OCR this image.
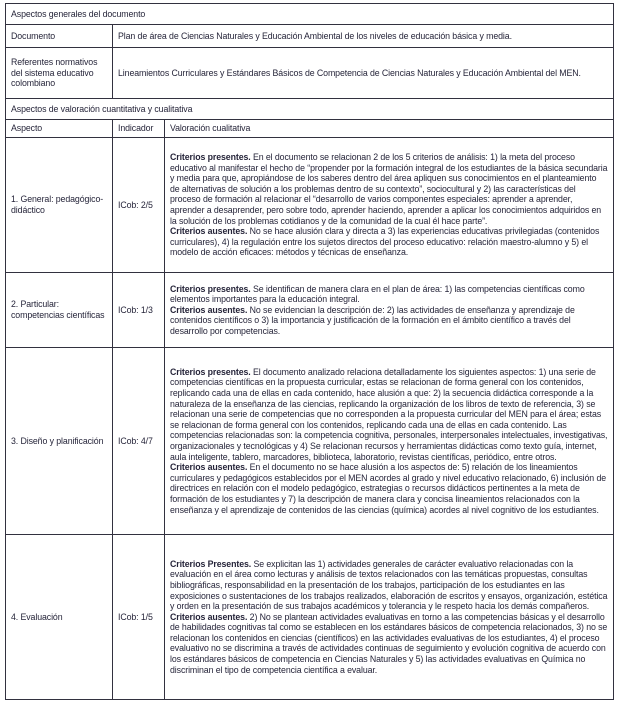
Aspectos generales del documento		
Documento	Plan de área de Ciencias Naturales y Educación Ambiental de los niveles de educación básica y media.	
Referentes normativos del sistema educativo colombiano	Lineamientos Curriculares y Estándares Básicos de Competencia de Ciencias Naturales y Educación Ambiental del MEN.	
Aspectos de valoración cuantitativa y cualitativa		
Aspecto	Indicador	Valoración cualitativa
1. General: pedagógico-didáctico	ICob: 2/5	Criterios presentes. En el documento se relacionan 2 de los 5 criterios de análisis: 1) la meta del proceso educativo al manifestar el hecho de “propender por la formación integral de los estudiantes de la básica secundaria y media para que, apropiándose de los saberes dentro del área apliquen sus conocimientos en el planteamiento de alternativas de solución a los problemas dentro de su contexto”, sociocultural y 2) las características del proceso de formación al relacionar el “desarrollo de varios componentes especiales: aprender a aprender, aprender a desaprender, pero sobre todo, aprender haciendo, aprender a aplicar los conocimientos adquiridos en la solución de los problemas cotidianos y de la comunidad de la cual él hace parte”.
Criterios ausentes. No se hace alusión clara y directa a 3) las experiencias educativas privilegiadas (contenidos curriculares), 4) la regulación entre los sujetos directos del proceso educativo: relación maestro-alumno y 5) el modelo de acción eficaces: métodos y técnicas de enseñanza.

2. Particular: competencias científicas	ICob: 1/3	Criterios presentes. Se identifican de manera clara en el plan de área: 1) las competencias científicas como elementos importantes para la educación integral.
Criterios ausentes. No se evidencian la descripción de: 2) las actividades de enseñanza y aprendizaje de contenidos científicos o 3) la importancia y justificación de la formación en el ámbito científico a través del desarrollo por competencias.

3. Diseño y planificación	ICob: 4/7	Criterios presentes. El documento analizado relaciona detalladamente los siguientes aspectos: 1) una serie de competencias científicas en la propuesta curricular, estas se relacionan de forma general con los contenidos, replicando cada una de ellas en cada contenido, hace alusión a que: 2) la secuencia didáctica corresponde a la naturaleza de la enseñanza de las ciencias, replicando la organización de los libros de texto de referencia, 3) se relacionan una serie de competencias que no corresponden a la propuesta curricular del MEN para el área; estas se relacionan de forma general con los contenidos, replicando cada una de ellas en cada contenido. Las competencias relacionadas son: la competencia cognitiva, personales, interpersonales intelectuales, investigativas, organizacionales y tecnológicas y 4) Se relacionan recursos y herramientas didácticas como texto guía, internet, aula inteligente, tablero, marcadores, biblioteca, laboratorio, revistas científicas, periódico, entre otros.
Criterios ausentes. En el documento no se hace alusión a los aspectos de: 5) relación de los lineamientos curriculares y pedagógicos establecidos por el MEN acordes al grado y nivel educativo relacionado, 6) inclusión de directrices en relación con el modelo pedagógico, estrategias o recursos didácticos pertinentes a la meta de formación de los estudiantes y 7) la descripción de manera clara y concisa lineamientos relacionados con la enseñanza y el aprendizaje de contenidos de las ciencias (química) acordes al nivel cognitivo de los estudiantes.

4. Evaluación	ICob: 1/5	Criterios Presentes. Se explicitan las 1) actividades generales de carácter evaluativo relacionadas con la evaluación en el área como lecturas y análisis de textos relacionados con las temáticas propuestas, consultas bibliográficas, responsabilidad en la presentación de los trabajos, participación de los estudiantes en las exposiciones o sustentaciones de los trabajos realizados, elaboración de escritos y ensayos, organización, estética y orden en la presentación de sus trabajos académicos y tolerancia y le respeto hacia los demás compañeros.
Criterios ausentes. 2) No se plantean actividades evaluativas en torno a las competencias básicas y el desarrollo de habilidades cognitivas tal como se establecen en los estándares básicos de competencia relacionados, 3) no se relacionan los contenidos en ciencias (científicos) en las actividades evaluativas de los estudiantes, 4) el proceso evaluativo no se discrimina a través de actividades continuas de seguimiento y evolución cognitiva de acuerdo con los estándares básicos de competencia en Ciencias Naturales y 5) las actividades evaluativas en Química no discriminan el tipo de competencia científica a evaluar.
